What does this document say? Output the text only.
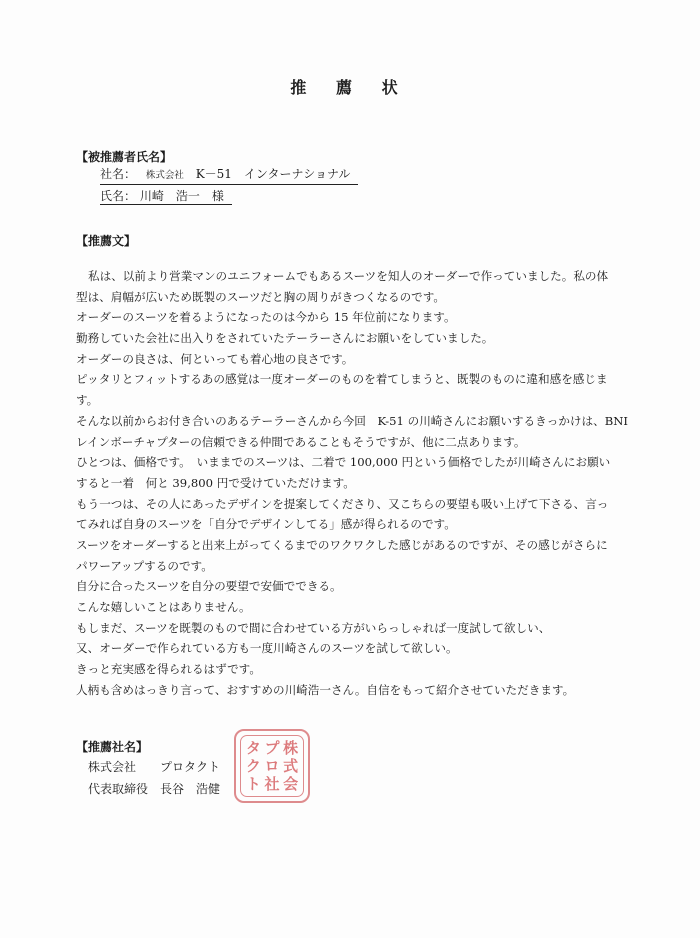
推 薦 状
【被推薦者氏名】
社名： 株式会社 K－51　インターナショナル
氏名： 川崎　浩一　様
【推薦文】
私は、以前より営業マンのユニフォームでもあるスーツを知人のオーダーで作っていました。私の体
型は、肩幅が広いため既製のスーツだと胸の周りがきつくなるのです。
オーダーのスーツを着るようになったのは今から 15 年位前になります。
勤務していた会社に出入りをされていたテーラーさんにお願いをしていました。
オーダーの良さは、何といっても着心地の良さです。
ピッタリとフィットするあの感覚は一度オーダーのものを着てしまうと、既製のものに違和感を感じま
す。
そんな以前からお付き合いのあるテーラーさんから今回　K-51 の川崎さんにお願いするきっかけは、BNI
レインボーチャプターの信頼できる仲間であることもそうですが、他に二点あります。
ひとつは、価格です。　いままでのスーツは、二着で 100,000 円という価格でしたが川崎さんにお願い
すると一着　何と 39,800 円で受けていただけます。
もう一つは、その人にあったデザインを提案してくださり、又こちらの要望も吸い上げて下さる、言っ
てみれば自身のスーツを「自分でデザインしてる」感が得られるのです。
スーツをオーダーすると出来上がってくるまでのワクワクした感じがあるのですが、その感じがさらに
パワーアップするのです。
自分に合ったスーツを自分の要望で安価でできる。
こんな嬉しいことはありません。
もしまだ、スーツを既製のもので間に合わせている方がいらっしゃれば一度試して欲しい、
又、オーダーで作られている方も一度川崎さんのスーツを試して欲しい。
きっと充実感を得られるはずです。
人柄も含めはっきり言って、おすすめの川崎浩一さん。自信をもって紹介させていただきます。
【推薦社名】
株式会社　　プロタクト
代表取締役　長谷　浩健
タ プ 株
ク ロ 式
ト 社 会
